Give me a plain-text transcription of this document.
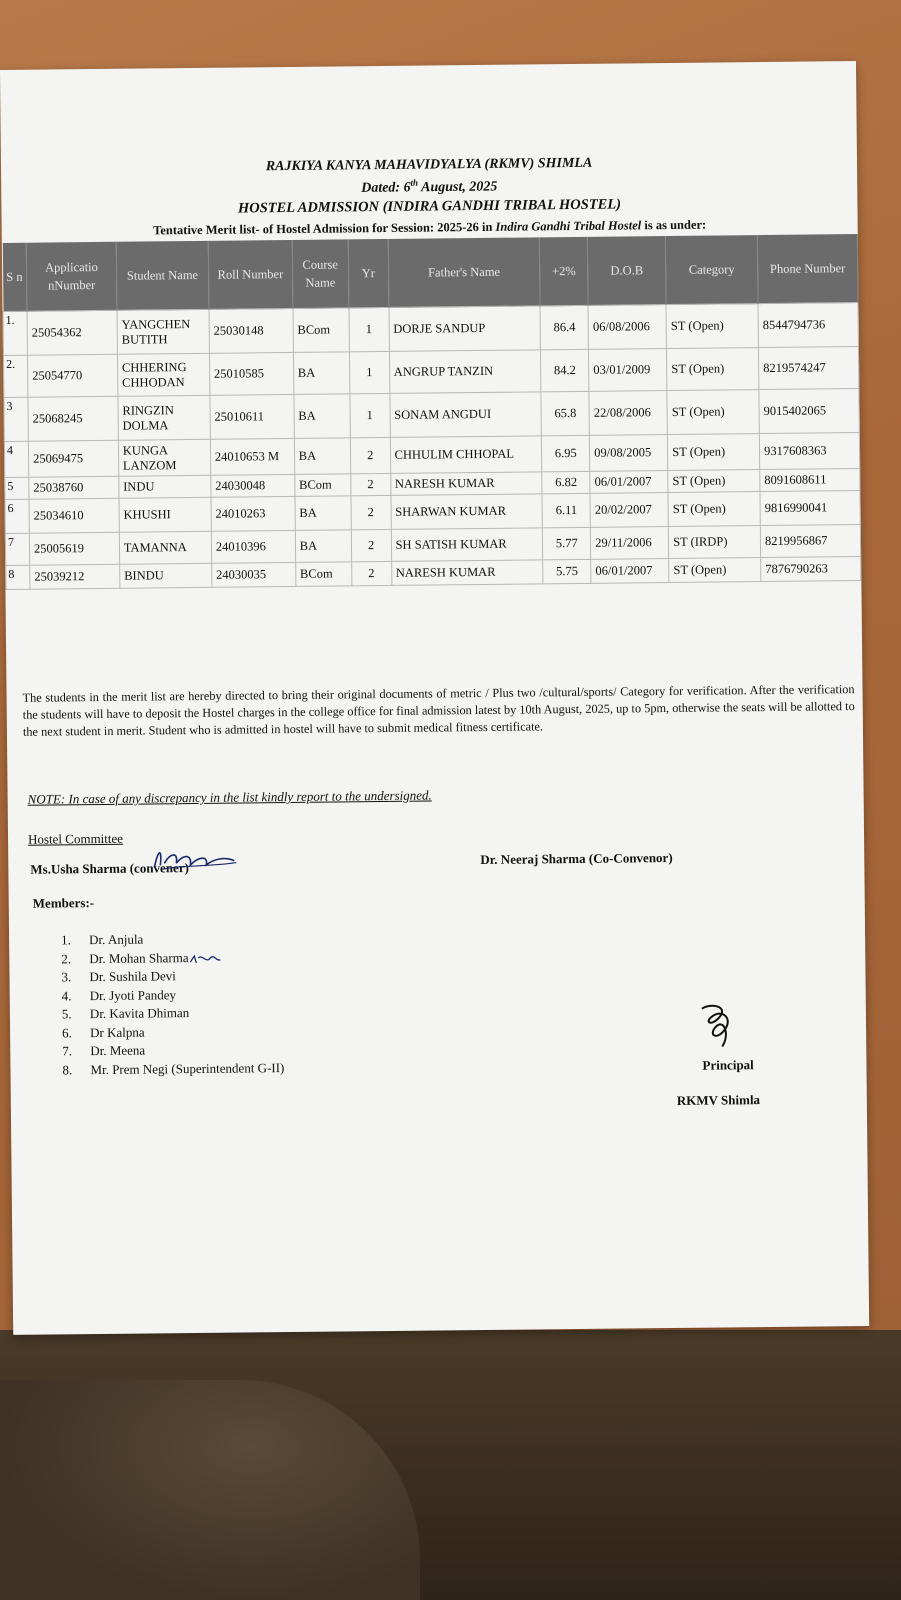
RAJKIYA KANYA MAHAVIDYALYA (RKMV) SHIMLA
Dated: 6th August, 2025
HOSTEL ADMISSION (INDIRA GANDHI TRIBAL HOSTEL)
Tentative Merit list- of Hostel Admission for Session: 2025-26 in Indira Gandhi Tribal Hostel is as under:
S n	Applicatio nNumber	Student Name	Roll Number	Course Name	Yr	Father's Name	+2%	D.O.B	Category	Phone Number
1.	25054362	YANGCHEN BUTITH	25030148	BCom	1	DORJE SANDUP	86.4	06/08/2006	ST (Open)	8544794736
2.	25054770	CHHERING CHHODAN	25010585	BA	1	ANGRUP TANZIN	84.2	03/01/2009	ST (Open)	8219574247
3	25068245	RINGZIN DOLMA	25010611	BA	1	SONAM ANGDUI	65.8	22/08/2006	ST (Open)	9015402065
4	25069475	KUNGA LANZOM	24010653 M	BA	2	CHHULIM CHHOPAL	6.95	09/08/2005	ST (Open)	9317608363
5	25038760	INDU	24030048	BCom	2	NARESH KUMAR	6.82	06/01/2007	ST (Open)	8091608611
6	25034610	KHUSHI	24010263	BA	2	SHARWAN KUMAR	6.11	20/02/2007	ST (Open)	9816990041
7	25005619	TAMANNA	24010396	BA	2	SH SATISH KUMAR	5.77	29/11/2006	ST (IRDP)	8219956867
8	25039212	BINDU	24030035	BCom	2	NARESH KUMAR	5.75	06/01/2007	ST (Open)	7876790263
The students in the merit list are hereby directed to bring their original documents of metric / Plus two /cultural/sports/ Category for verification. After the verification the students will have to deposit the Hostel charges in the college office for final admission latest by 10th August, 2025, up to 5pm, otherwise the seats will be allotted to the next student in merit. Student who is admitted in hostel will have to submit medical fitness certificate.
NOTE: In case of any discrepancy in the list kindly report to the undersigned.
Hostel Committee
Ms.Usha Sharma (convener)
Dr. Neeraj Sharma (Co-Convenor)
Members:-
1. Dr. Anjula
2. Dr. Mohan Sharma
3. Dr. Sushila Devi
4. Dr. Jyoti Pandey
5. Dr. Kavita Dhiman
6. Dr Kalpna
7. Dr. Meena
8. Mr. Prem Negi (Superintendent G-II)	Principal
RKMV Shimla
